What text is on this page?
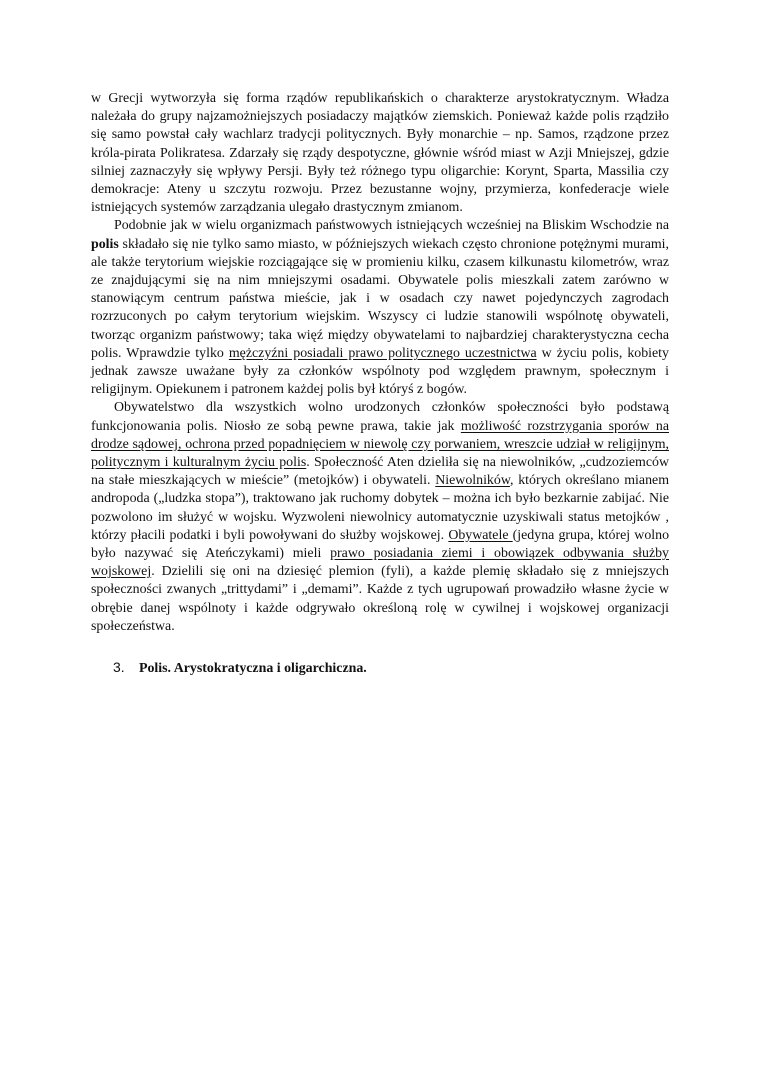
w Grecji wytworzyła się forma rządów republikańskich o charakterze arystokratycznym. Władza należała do grupy najzamożniejszych posiadaczy majątków ziemskich. Ponieważ każde polis rządziło się samo powstał cały wachlarz tradycji politycznych. Były monarchie – np. Samos, rządzone przez króla-pirata Polikratesa. Zdarzały się rządy despotyczne, głównie wśród miast w Azji Mniejszej, gdzie silniej zaznaczyły się wpływy Persji. Były też różnego typu oligarchie: Korynt, Sparta, Massilia czy demokracje: Ateny u szczytu rozwoju. Przez bezustanne wojny, przymierza, konfederacje wiele istniejących systemów zarządzania ulegało drastycznym zmianom.

Podobnie jak w wielu organizmach państwowych istniejących wcześniej na Bliskim Wschodzie na polis składało się nie tylko samo miasto, w późniejszych wiekach często chronione potężnymi murami, ale także terytorium wiejskie rozciągające się w promieniu kilku, czasem kilkunastu kilometrów, wraz ze znajdującymi się na nim mniejszymi osadami. Obywatele polis mieszkali zatem zarówno w stanowiącym centrum państwa mieście, jak i w osadach czy nawet pojedynczych zagrodach rozrzuconych po całym terytorium wiejskim. Wszyscy ci ludzie stanowili wspólnotę obywateli, tworząc organizm państwowy; taka więź między obywatelami to najbardziej charakterystyczna cecha polis. Wprawdzie tylko mężczyźni posiadali prawo politycznego uczestnictwa w życiu polis, kobiety jednak zawsze uważane były za członków wspólnoty pod względem prawnym, społecznym i religijnym. Opiekunem i patronem każdej polis był któryś z bogów.

Obywatelstwo dla wszystkich wolno urodzonych członków społeczności było podstawą funkcjonowania polis. Niosło ze sobą pewne prawa, takie jak możliwość rozstrzygania sporów na drodze sądowej, ochrona przed popadnięciem w niewolę czy porwaniem, wreszcie udział w religijnym, politycznym i kulturalnym życiu polis. Społeczność Aten dzieliła się na niewolników, „cudzoziemców na stałe mieszkających w mieście” (metojków) i obywateli. Niewolników, których określano mianem andropoda („ludzka stopa”), traktowano jak ruchomy dobytek – można ich było bezkarnie zabijać. Nie pozwolono im służyć w wojsku. Wyzwoleni niewolnicy automatycznie uzyskiwali status metojków , którzy płacili podatki i byli powoływani do służby wojskowej. Obywatele (jedyna grupa, której wolno było nazywać się Ateńczykami) mieli prawo posiadania ziemi i obowiązek odbywania służby wojskowej. Dzielili się oni na dziesięć plemion (fyli), a każde plemię składało się z mniejszych społeczności zwanych „trittydami” i „demami”. Każde z tych ugrupowań prowadziło własne życie w obrębie danej wspólnoty i każde odgrywało określoną rolę w cywilnej i wojskowej organizacji społeczeństwa.

3.	Polis. Arystokratyczna i oligarchiczna.
